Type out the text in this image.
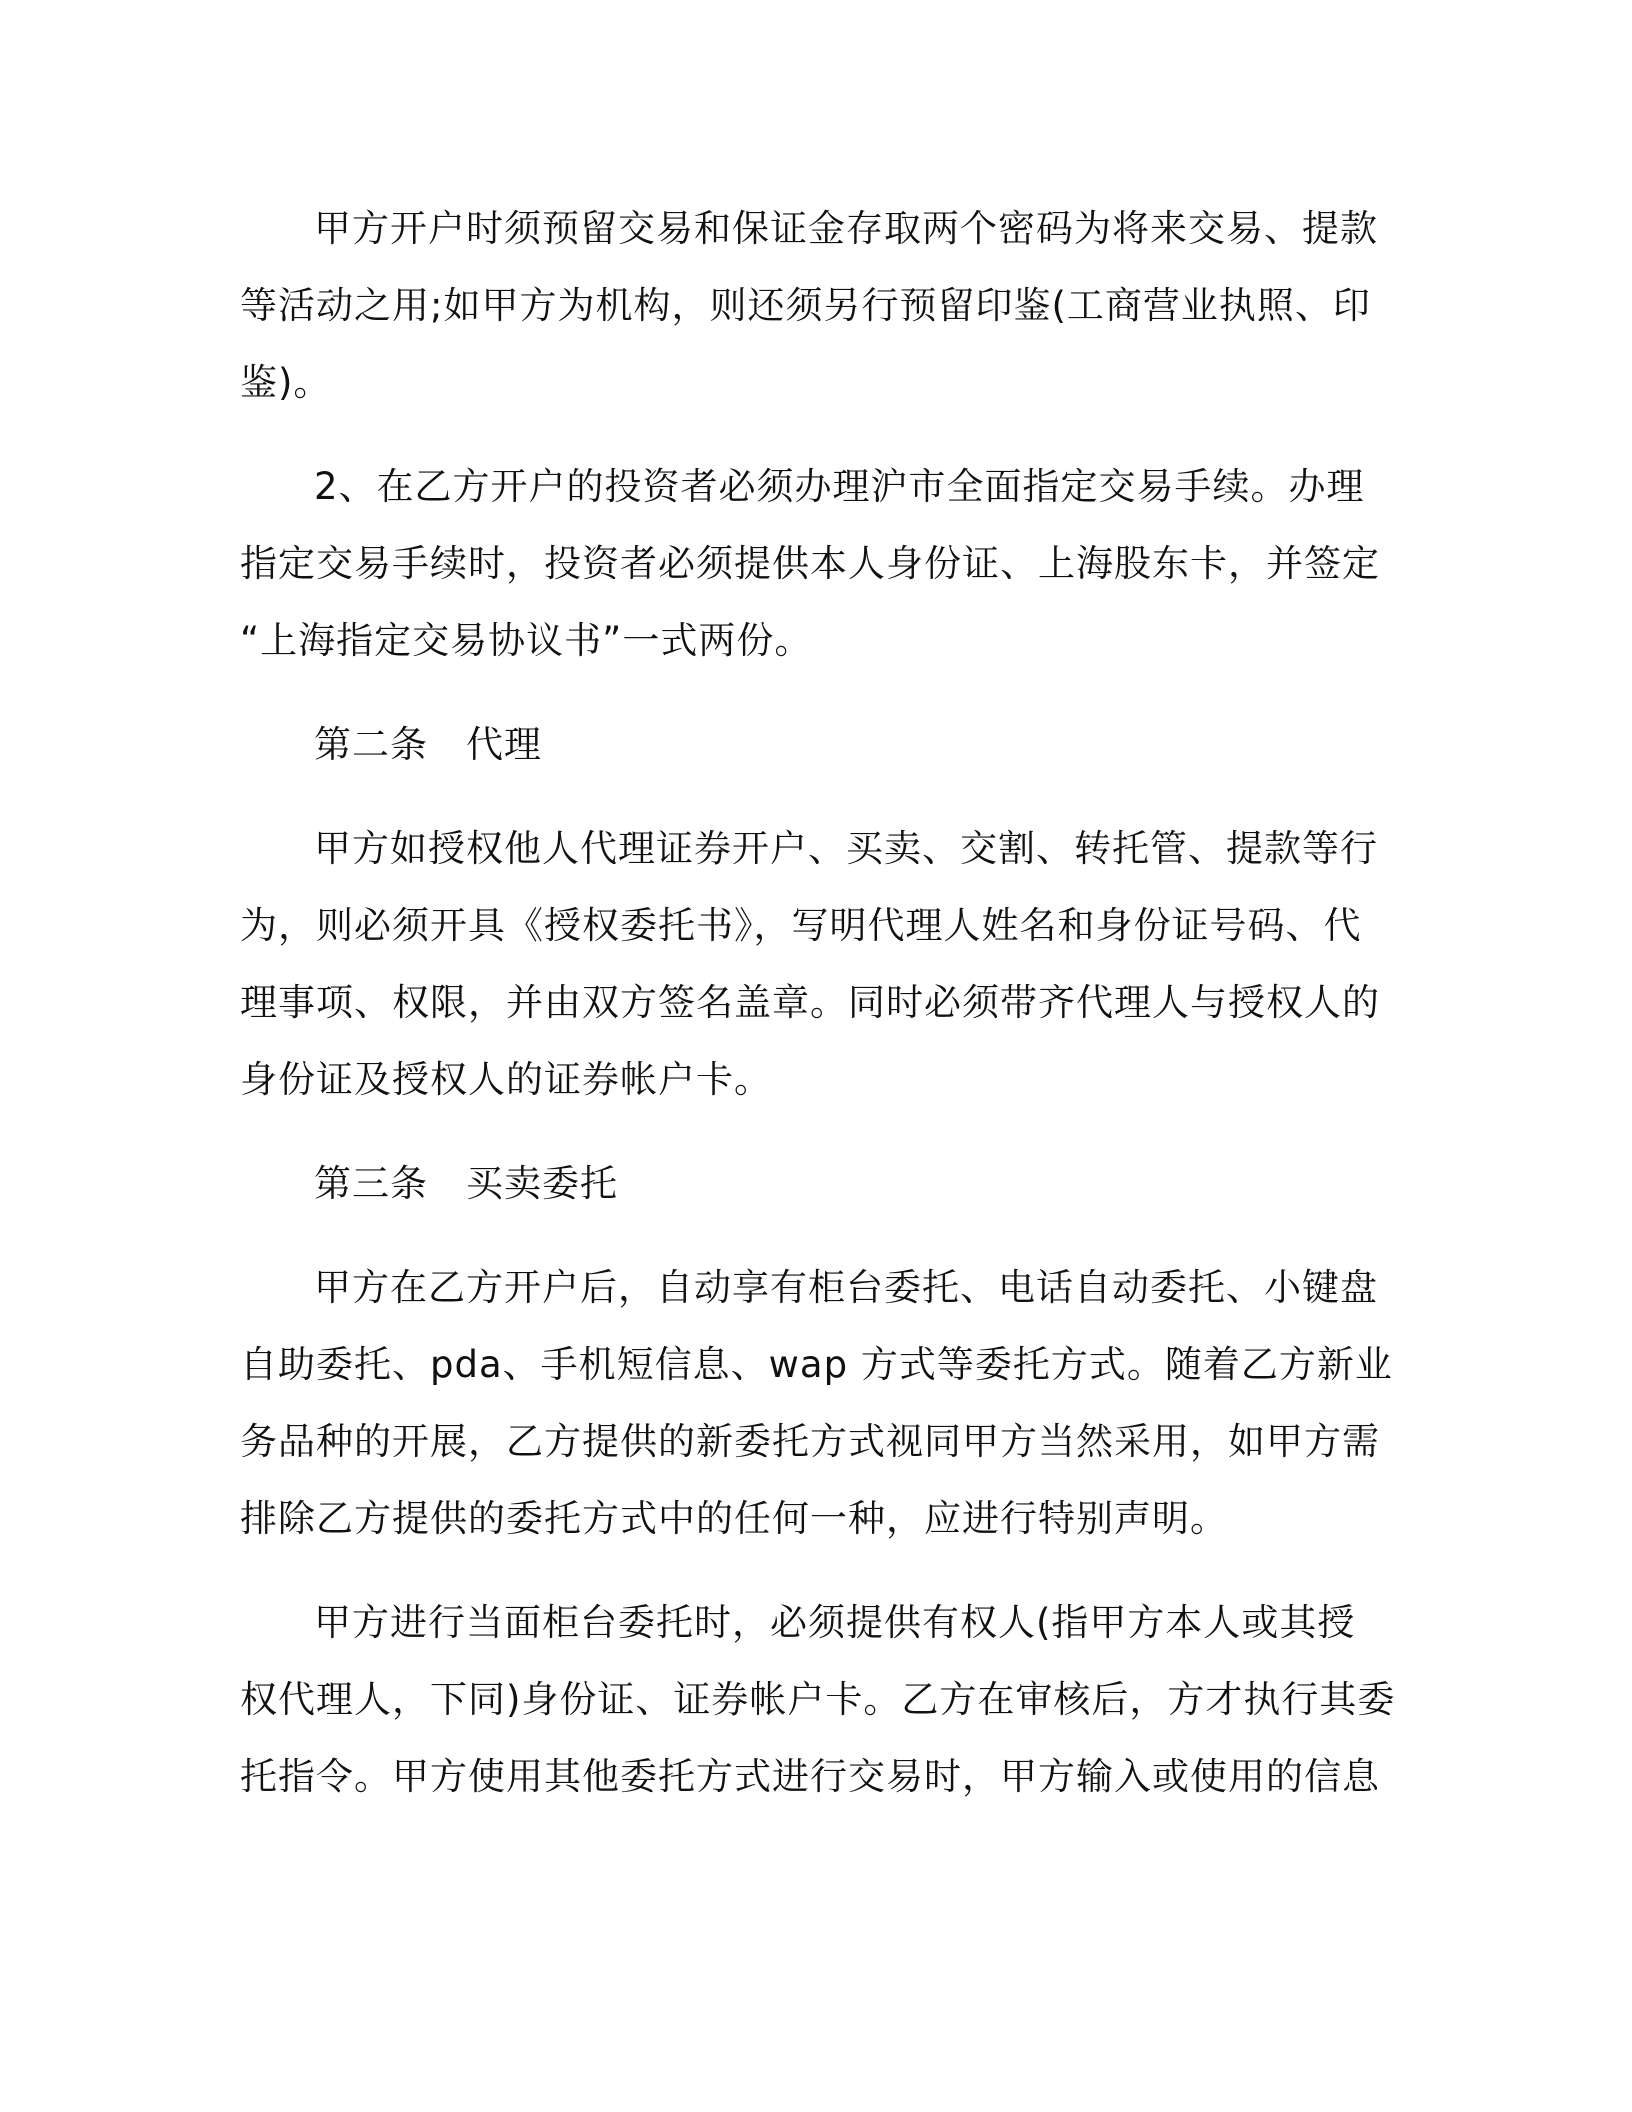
甲方开户时须预留交易和保证金存取两个密码为将来交易、提款
等活动之用;如甲方为机构，则还须另行预留印鉴(工商营业执照、印
鉴)。

2、在乙方开户的投资者必须办理沪市全面指定交易手续。办理
指定交易手续时，投资者必须提供本人身份证、上海股东卡，并签定
“上海指定交易协议书”一式两份。

第二条　代理

甲方如授权他人代理证券开户、买卖、交割、转托管、提款等行
为，则必须开具《授权委托书》，写明代理人姓名和身份证号码、代
理事项、权限，并由双方签名盖章。同时必须带齐代理人与授权人的
身份证及授权人的证券帐户卡。

第三条　买卖委托

甲方在乙方开户后，自动享有柜台委托、电话自动委托、小键盘
自助委托、pda、手机短信息、wap 方式等委托方式。随着乙方新业
务品种的开展，乙方提供的新委托方式视同甲方当然采用，如甲方需
排除乙方提供的委托方式中的任何一种，应进行特别声明。

甲方进行当面柜台委托时，必须提供有权人(指甲方本人或其授
权代理人，下同)身份证、证券帐户卡。乙方在审核后，方才执行其委
托指令。甲方使用其他委托方式进行交易时，甲方输入或使用的信息
